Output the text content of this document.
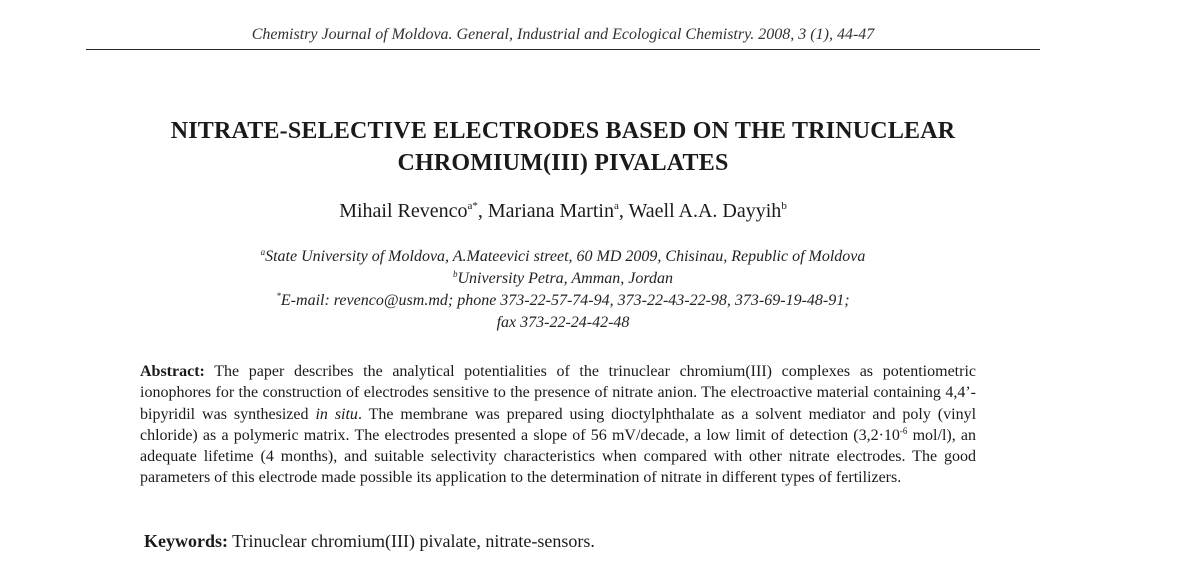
Chemistry Journal of Moldova. General, Industrial and Ecological Chemistry. 2008, 3 (1), 44-47
NITRATE-SELECTIVE ELECTRODES BASED ON THE TRINUCLEAR
CHROMIUM(III) PIVALATES
Mihail Revenco$^{a*}$, Mariana Martin$^a$, Waell A.A. Dayyih$^b$
$^a$State University of Moldova, A.Mateevici street, 60 MD 2009, Chisinau, Republic of Moldova
$^b$University Petra, Amman, Jordan
*E-mail: revenco@usm.md; phone 373-22-57-74-94, 373-22-43-22-98, 373-69-19-48-91;
fax 373-22-24-42-48
Abstract: The paper describes the analytical potentialities of the trinuclear chromium(III) complexes as potentiometric ionophores for the construction of electrodes sensitive to the presence of nitrate anion. The electroactive material containing 4,4’-bipyridil was synthesized in situ. The membrane was prepared using dioctylphthalate as a solvent mediator and poly (vinyl chloride) as a polymeric matrix. The electrodes presented a slope of 56 mV/decade, a low limit of detection ($3,2\cdot 10^{-6}$ mol/l), an adequate lifetime (4 months), and suitable selectivity characteristics when compared with other nitrate electrodes. The good parameters of this electrode made possible its application to the determination of nitrate in different types of fertilizers.
Keywords: Trinuclear chromium(III) pivalate, nitrate-sensors.
